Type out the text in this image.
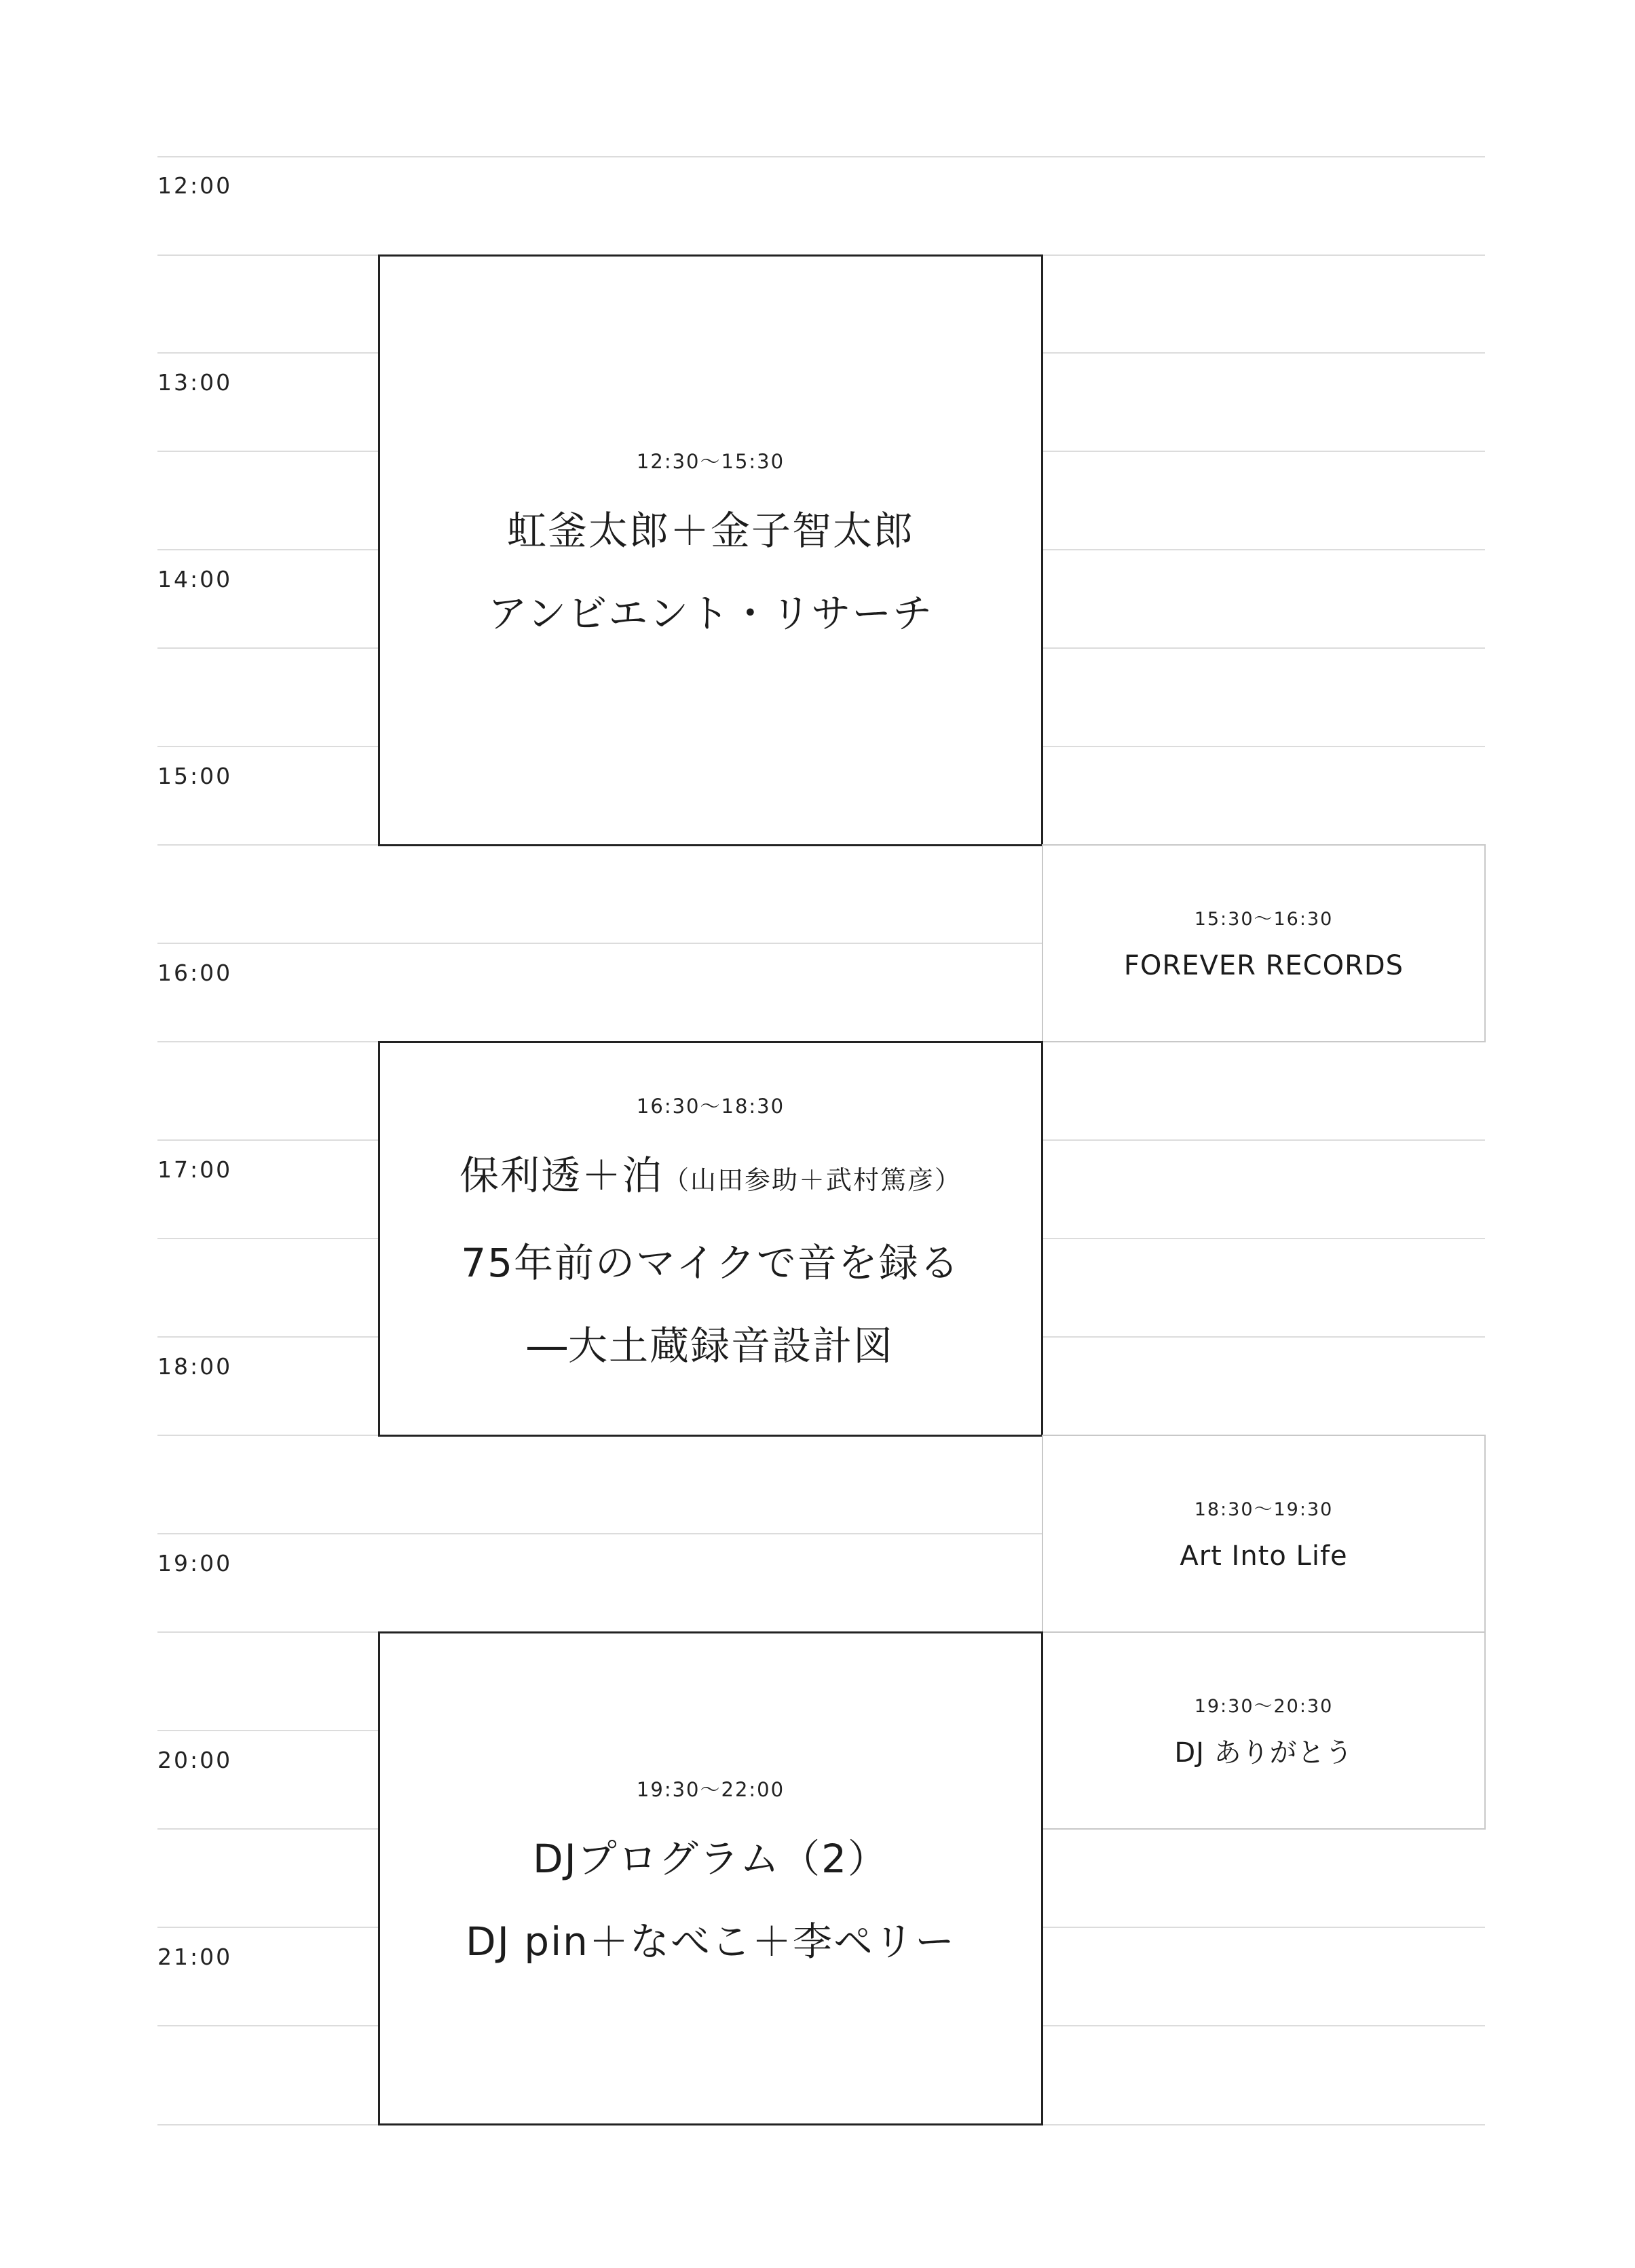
12:00
13:00
14:00
15:00
16:00
17:00
18:00
19:00
20:00
21:00
12:30〜15:30
虹釜太郎＋金子智太郎
アンビエント・リサーチ
15:30〜16:30
FOREVER RECORDS
16:30〜18:30
保利透＋泊（山田参助＋武村篤彦）
75年前のマイクで音を録る
―大土蔵録音設計図
18:30〜19:30
Art Into Life
19:30〜20:30
DJ ありがとう
19:30〜22:00
DJプログラム（2）
DJ pin＋なべこ＋李ペリー
